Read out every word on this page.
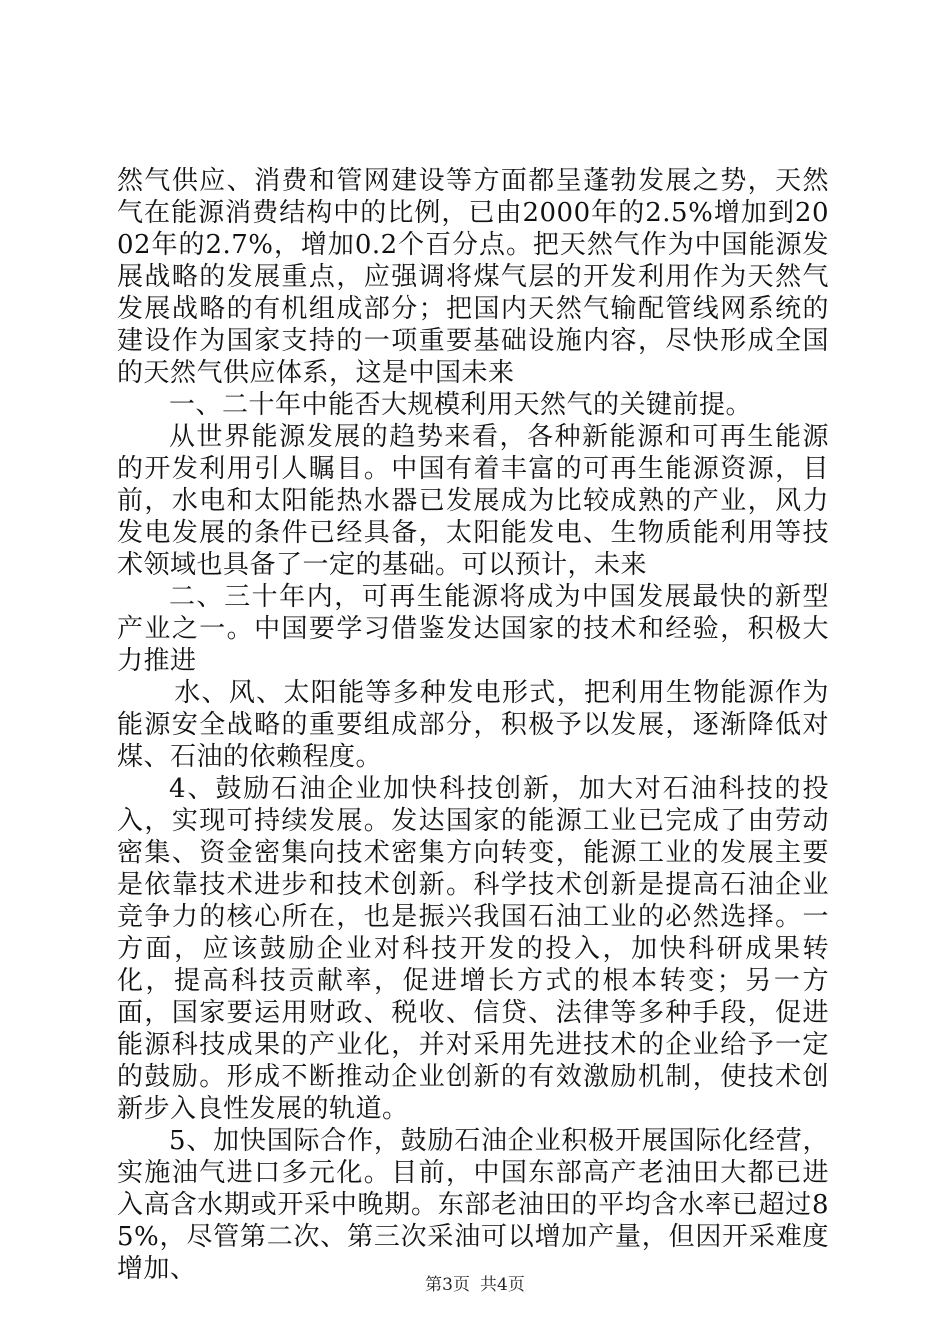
然气供应、消费和管网建设等方面都呈蓬勃发展之势，天然气在能源消费结构中的比例，已由2000年的2.5%增加到2002年的2.7%，增加0.2个百分点。把天然气作为中国能源发展战略的发展重点，应强调将煤气层的开发利用作为天然气发展战略的有机组成部分；把国内天然气输配管线网系统的建设作为国家支持的一项重要基础设施内容，尽快形成全国的天然气供应体系，这是中国未来

一、二十年中能否大规模利用天然气的关键前提。

从世界能源发展的趋势来看，各种新能源和可再生能源的开发利用引人瞩目。中国有着丰富的可再生能源资源，目前，水电和太阳能热水器已发展成为比较成熟的产业，风力发电发展的条件已经具备，太阳能发电、生物质能利用等技术领域也具备了一定的基础。可以预计，未来

二、三十年内，可再生能源将成为中国发展最快的新型产业之一。中国要学习借鉴发达国家的技术和经验，积极大力推进

水、风、太阳能等多种发电形式，把利用生物能源作为能源安全战略的重要组成部分，积极予以发展，逐渐降低对煤、石油的依赖程度。

4、鼓励石油企业加快科技创新，加大对石油科技的投入，实现可持续发展。发达国家的能源工业已完成了由劳动密集、资金密集向技术密集方向转变，能源工业的发展主要是依靠技术进步和技术创新。科学技术创新是提高石油企业竞争力的核心所在，也是振兴我国石油工业的必然选择。一方面，应该鼓励企业对科技开发的投入，加快科研成果转化，提高科技贡献率，促进增长方式的根本转变；另一方面，国家要运用财政、税收、信贷、法律等多种手段，促进能源科技成果的产业化，并对采用先进技术的企业给予一定的鼓励。形成不断推动企业创新的有效激励机制，使技术创新步入良性发展的轨道。

5、加快国际合作，鼓励石油企业积极开展国际化经营，实施油气进口多元化。目前，中国东部高产老油田大都已进入高含水期或开采中晚期。东部老油田的平均含水率已超过85%，尽管第二次、第三次采油可以增加产量，但因开采难度增加、

第3页 共4页
